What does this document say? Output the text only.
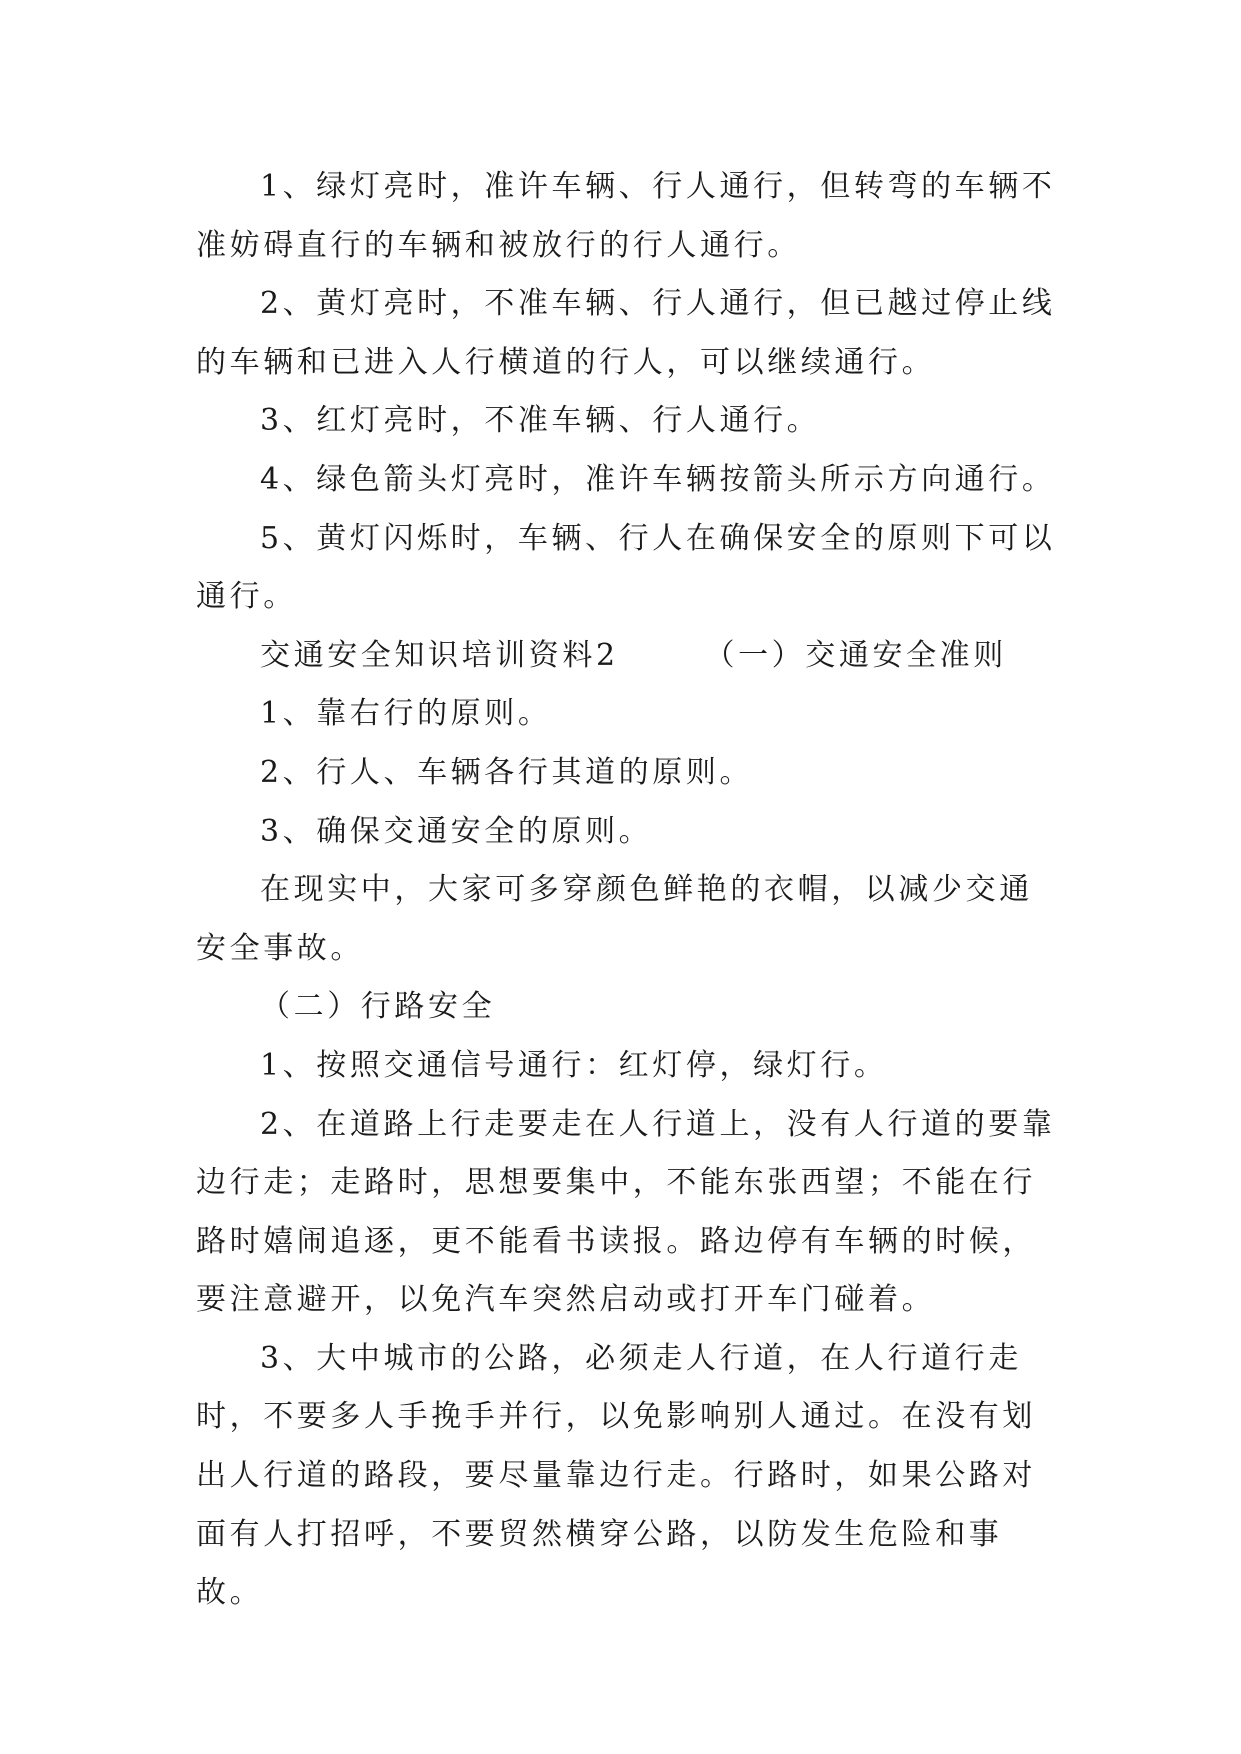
1、绿灯亮时，准许车辆、行人通行，但转弯的车辆不准妨碍直行的车辆和被放行的行人通行。

2、黄灯亮时，不准车辆、行人通行，但已越过停止线的车辆和已进入人行横道的行人，可以继续通行。

3、红灯亮时，不准车辆、行人通行。

4、绿色箭头灯亮时，准许车辆按箭头所示方向通行。

5、黄灯闪烁时，车辆、行人在确保安全的原则下可以通行。

交通安全知识培训资料2　　　（一）交通安全准则

1、靠右行的原则。

2、行人、车辆各行其道的原则。

3、确保交通安全的原则。

在现实中，大家可多穿颜色鲜艳的衣帽，以减少交通安全事故。

（二）行路安全

1、按照交通信号通行：红灯停，绿灯行。

2、在道路上行走要走在人行道上，没有人行道的要靠边行走；走路时，思想要集中，不能东张西望；不能在行路时嬉闹追逐，更不能看书读报。路边停有车辆的时候，要注意避开，以免汽车突然启动或打开车门碰着。

3、大中城市的公路，必须走人行道，在人行道行走时，不要多人手挽手并行，以免影响别人通过。在没有划出人行道的路段，要尽量靠边行走。行路时，如果公路对面有人打招呼，不要贸然横穿公路，以防发生危险和事故。
